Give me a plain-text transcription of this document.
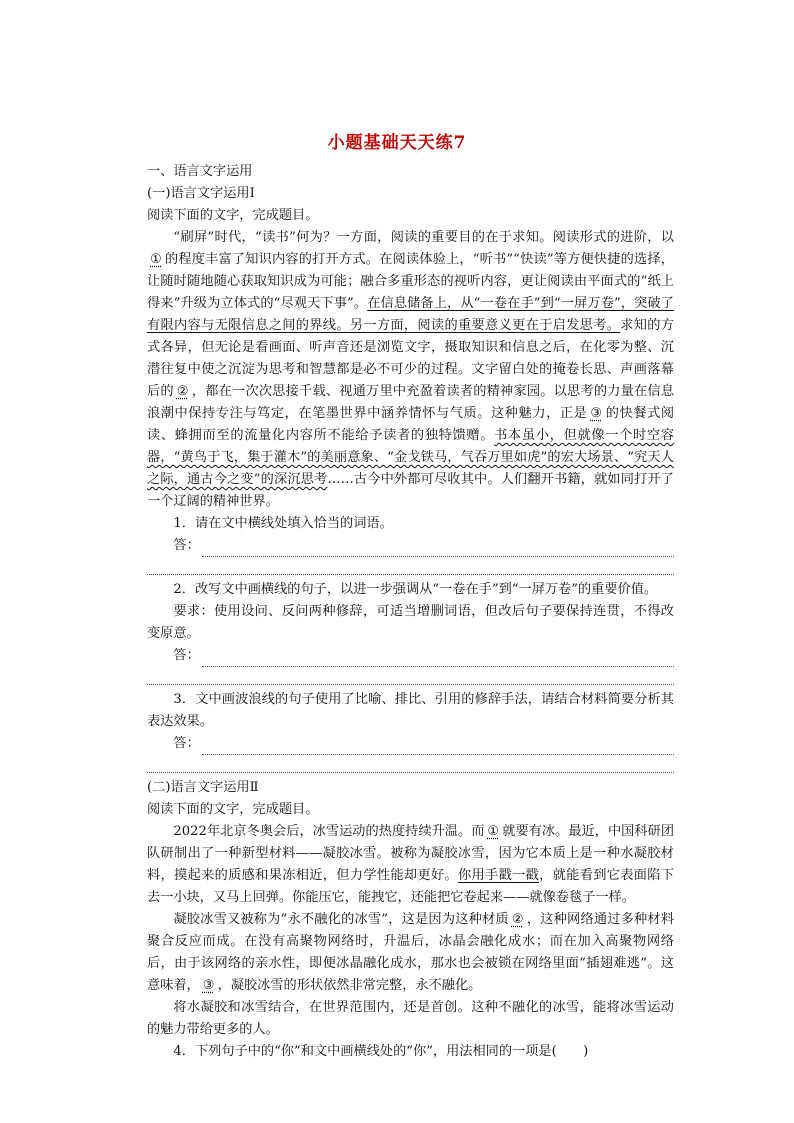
小题基础天天练7

一、语言文字运用

(一)语言文字运用Ⅰ

阅读下面的文字，完成题目。

“刷屏”时代，“读书”何为？一方面，阅读的重要目的在于求知。阅读形式的进阶，以① 的程度丰富了知识内容的打开方式。在阅读体验上，“听书”“快读”等方便快捷的选择，让随时随地随心获取知识成为可能；融合多重形态的视听内容，更让阅读由平面式的“纸上得来”升级为立体式的“尽观天下事”。在信息储备上，从“一卷在手”到“一屏万卷”，突破了有限内容与无限信息之间的界线。另一方面，阅读的重要意义更在于启发思考。求知的方式各异，但无论是看画面、听声音还是浏览文字，摄取知识和信息之后，在化零为整、沉潜往复中使之沉淀为思考和智慧都是必不可少的过程。文字留白处的掩卷长思、声画落幕后的 ② ，都在一次次思接千载、视通万里中充盈着读者的精神家园。以思考的力量在信息浪潮中保持专注与笃定，在笔墨世界中涵养情怀与气质。这种魅力，正是 ③ 的快餐式阅读、蜂拥而至的流量化内容所不能给予读者的独特馈赠。书本虽小，但就像一个时空容器，“黄鸟于飞，集于灌木”的美丽意象、“金戈铁马，气吞万里如虎”的宏大场景、“究天人之际，通古今之变”的深沉思考……古今中外都可尽收其中。人们翻开书籍，就如同打开了一个辽阔的精神世界。

1．请在文中横线处填入恰当的词语。

答：

2．改写文中画横线的句子，以进一步强调从“一卷在手”到“一屏万卷”的重要价值。

要求：使用设问、反问两种修辞，可适当增删词语，但改后句子要保持连贯，不得改变原意。

答：

3．文中画波浪线的句子使用了比喻、排比、引用的修辞手法，请结合材料简要分析其表达效果。

答：

(二)语言文字运用Ⅱ

阅读下面的文字，完成题目。

2022年北京冬奥会后，冰雪运动的热度持续升温。而 ① 就要有冰。最近，中国科研团队研制出了一种新型材料——凝胶冰雪。被称为凝胶冰雪，因为它本质上是一种水凝胶材料，摸起来的质感和果冻相近，但力学性能却更好。你用手戳一戳，就能看到它表面陷下去一小块，又马上回弹。你能压它，能拽它，还能把它卷起来——就像卷毯子一样。

凝胶冰雪又被称为“永不融化的冰雪”，这是因为这种材质 ② ，这种网络通过多种材料聚合反应而成。在没有高聚物网络时，升温后，冰晶会融化成水；而在加入高聚物网络后，由于该网络的亲水性，即便冰晶融化成水，那水也会被锁在网络里面“插翅难逃”。这意味着， ③ ，凝胶冰雪的形状依然非常完整，永不融化。

将水凝胶和冰雪结合，在世界范围内，还是首创。这种不融化的冰雪，能将冰雪运动的魅力带给更多的人。

4．下列句子中的“你”和文中画横线处的“你”，用法相同的一项是(　　)
